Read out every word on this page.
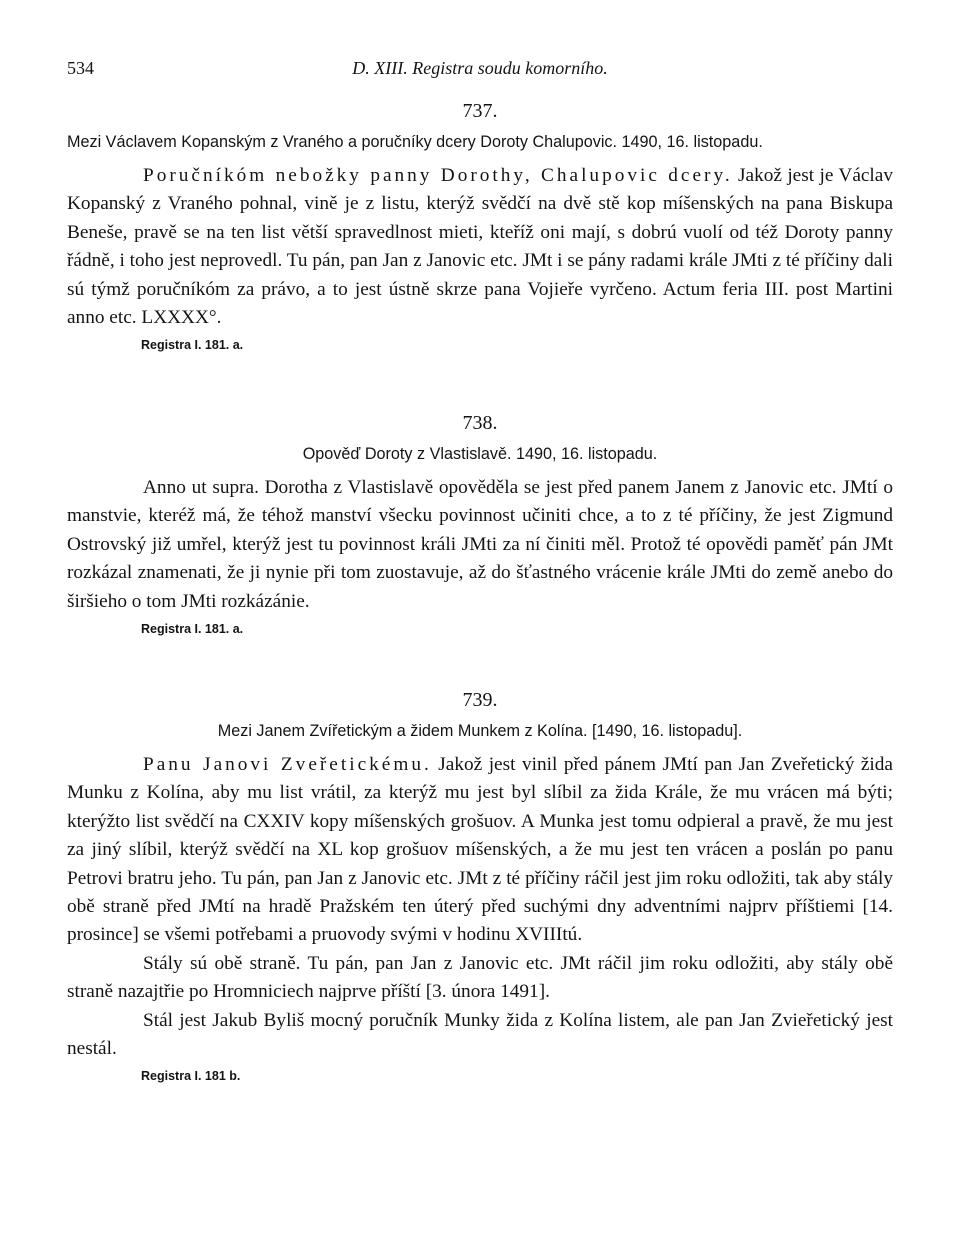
534	D. XIII. Registra soudu komorního.
737.
Mezi Václavem Kopanským z Vraného a poručníky dcery Doroty Chalupovic. 1490, 16. listopadu.

Poručníkóm nebožky panny Dorothy, Chalupovic dcery. Jakož jest je Václav Kopanský z Vraného pohnal, vině je z listu, kterýž svědčí na dvě stě kop míšenských na pana Biskupa Beneše, pravě se na ten list větší spravedlnost mieti, kteříž oni mají, s dobrú vuolí od též Doroty panny řádně, i toho jest neprovedl. Tu pán, pan Jan z Janovic etc. JMt i se pány radami krále JMti z té příčiny dali sú týmž poručníkóm za právo, a to jest ústně skrze pana Vojieře vyrčeno. Actum feria III. post Martini anno etc. LXXXX°.

Registra I. 181. a.
738.
Opověď Doroty z Vlastislavě. 1490, 16. listopadu.

Anno ut supra. Dorotha z Vlastislavě opověděla se jest před panem Janem z Janovic etc. JMtí o manstvie, kteréž má, že téhož manství všecku povinnost učiniti chce, a to z té příčiny, že jest Zigmund Ostrovský již umřel, kterýž jest tu povinnost králi JMti za ní činiti měl. Protož té opovědi paměť pán JMt rozkázal znamenati, že ji nynie při tom zuostavuje, až do šťastného vrácenie krále JMti do země anebo do širšieho o tom JMti rozkázánie.

Registra I. 181. a.
739.
Mezi Janem Zvířetickým a židem Munkem z Kolína. [1490, 16. listopadu].

Panu Janovi Zveřetickému. Jakož jest vinil před pánem JMtí pan Jan Zveřetický žida Munku z Kolína, aby mu list vrátil, za kterýž mu jest byl slíbil za žida Krále, že mu vrácen má býti; kterýžto list svědčí na CXXIV kopy míšenských grošuov. A Munka jest tomu odpieral a pravě, že mu jest za jiný slíbil, kterýž svědčí na XL kop grošuov míšenských, a že mu jest ten vrácen a poslán po panu Petrovi bratru jeho. Tu pán, pan Jan z Janovic etc. JMt z té příčiny ráčil jest jim roku odložiti, tak aby stály obě straně před JMtí na hradě Pražském ten úterý před suchými dny adventními najprv příštiemi [14. prosince] se všemi potřebami a pruovody svými v hodinu XVIIItú.

Stály sú obě straně. Tu pán, pan Jan z Janovic etc. JMt ráčil jim roku odložiti, aby stály obě straně nazajtřie po Hromniciech najprve příští [3. února 1491].

Stál jest Jakub Byliš mocný poručník Munky žida z Kolína listem, ale pan Jan Zvieřetický jest nestál.

Registra I. 181 b.
